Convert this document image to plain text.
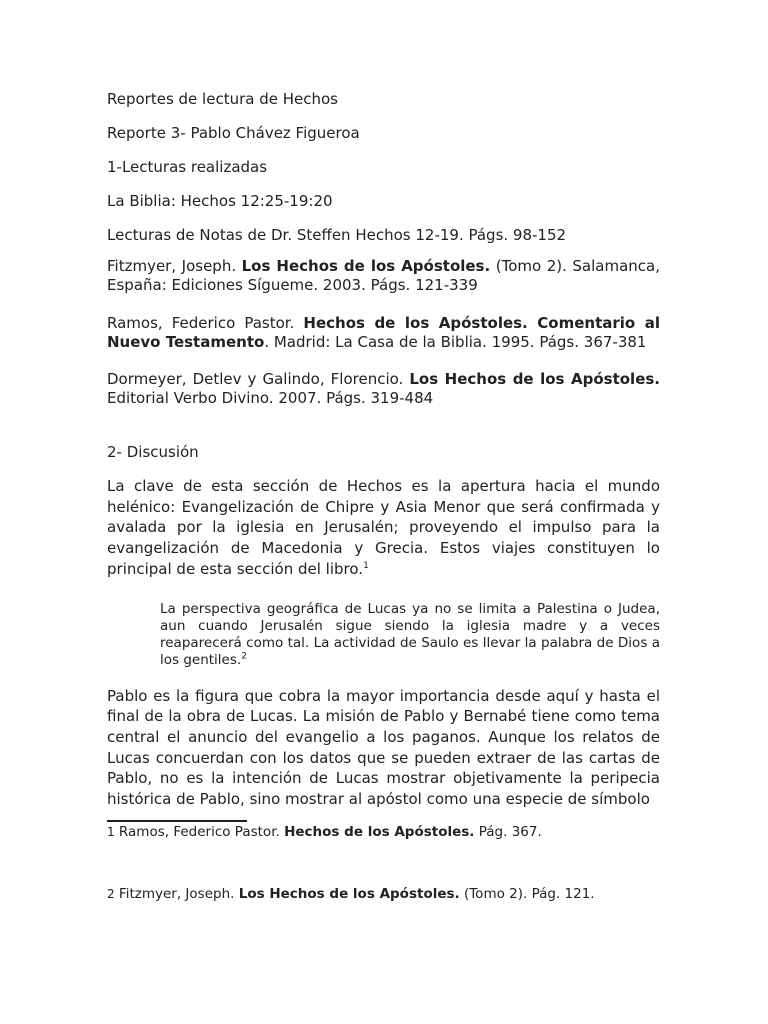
Reportes de lectura de Hechos

Reporte 3- Pablo Chávez Figueroa

1-Lecturas realizadas

La Biblia: Hechos 12:25-19:20

Lecturas de Notas de Dr. Steffen Hechos 12-19. Págs. 98-152

Fitzmyer, Joseph. Los Hechos de los Apóstoles. (Tomo 2). Salamanca, España: Ediciones Sígueme. 2003. Págs. 121-339

Ramos, Federico Pastor. Hechos de los Apóstoles. Comentario al Nuevo Testamento. Madrid: La Casa de la Biblia. 1995. Págs. 367-381

Dormeyer, Detlev y Galindo, Florencio. Los Hechos de los Apóstoles. Editorial Verbo Divino. 2007. Págs. 319-484

2- Discusión

La clave de esta sección de Hechos es la apertura hacia el mundo helénico: Evangelización de Chipre y Asia Menor que será confirmada y avalada por la iglesia en Jerusalén; proveyendo el impulso para la evangelización de Macedonia y Grecia. Estos viajes constituyen lo principal de esta sección del libro.$^1$

La perspectiva geográfica de Lucas ya no se limita a Palestina o Judea, aun cuando Jerusalén sigue siendo la iglesia madre y a veces reaparecerá como tal. La actividad de Saulo es llevar la palabra de Dios a los gentiles.$^2$

Pablo es la figura que cobra la mayor importancia desde aquí y hasta el final de la obra de Lucas. La misión de Pablo y Bernabé tiene como tema central el anuncio del evangelio a los paganos. Aunque los relatos de Lucas concuerdan con los datos que se pueden extraer de las cartas de Pablo, no es la intención de Lucas mostrar objetivamente la peripecia histórica de Pablo, sino mostrar al apóstol como una especie de símbolo

1 Ramos, Federico Pastor. Hechos de los Apóstoles. Pág. 367.
2 Fitzmyer, Joseph. Los Hechos de los Apóstoles. (Tomo 2). Pág. 121.
